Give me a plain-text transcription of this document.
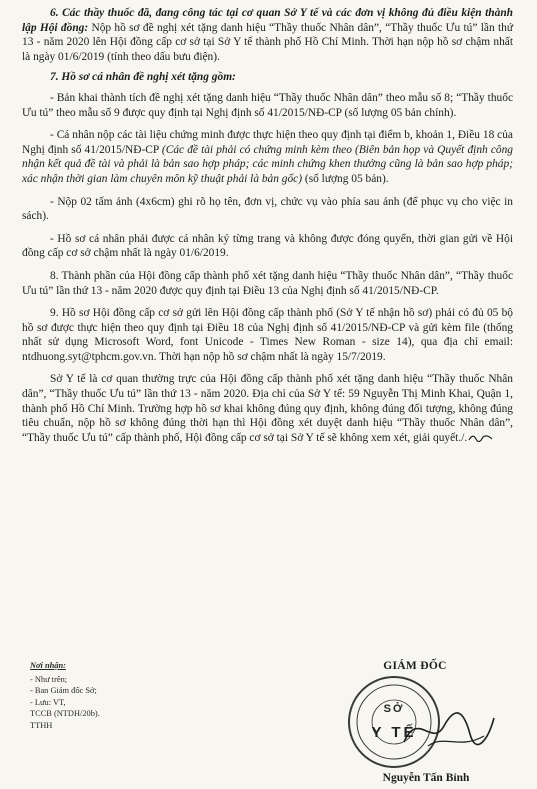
6. Các thầy thuốc đã, đang công tác tại cơ quan Sở Y tế và các đơn vị không đủ điều kiện thành lập Hội đồng: Nộp hồ sơ đề nghị xét tặng danh hiệu “Thầy thuốc Nhân dân”, “Thầy thuốc Ưu tú” lần thứ 13 - năm 2020 lên Hội đồng cấp cơ sở tại Sở Y tế thành phố Hồ Chí Minh. Thời hạn nộp hồ sơ chậm nhất là ngày 01/6/2019 (tính theo dấu bưu điện).

7. Hồ sơ cá nhân đề nghị xét tặng gồm:

- Bản khai thành tích đề nghị xét tặng danh hiệu “Thầy thuốc Nhân dân” theo mẫu số 8; “Thầy thuốc Ưu tú” theo mẫu số 9 được quy định tại Nghị định số 41/2015/NĐ-CP (số lượng 05 bản chính).

- Cá nhân nộp các tài liệu chứng minh được thực hiện theo quy định tại điểm b, khoản 1, Điều 18 của Nghị định số 41/2015/NĐ-CP (Các đề tài phải có chứng minh kèm theo (Biên bản họp và Quyết định công nhận kết quả đề tài và phải là bản sao hợp pháp; các minh chứng khen thưởng cũng là bản sao hợp pháp; xác nhận thời gian làm chuyên môn kỹ thuật phải là bản gốc) (số lượng 05 bản).

- Nộp 02 tấm ảnh (4x6cm) ghi rõ họ tên, đơn vị, chức vụ vào phía sau ảnh (để phục vụ cho việc in sách).

- Hồ sơ cá nhân phải được cá nhân ký từng trang và không được đóng quyển, thời gian gửi về Hội đồng cấp cơ sở chậm nhất là ngày 01/6/2019.

8. Thành phần của Hội đồng cấp thành phố xét tặng danh hiệu “Thầy thuốc Nhân dân”, “Thầy thuốc Ưu tú” lần thứ 13 - năm 2020 được quy định tại Điều 13 của Nghị định số 41/2015/NĐ-CP.

9. Hồ sơ Hội đồng cấp cơ sở gửi lên Hội đồng cấp thành phố (Sở Y tế nhận hồ sơ) phải có đủ 05 bộ hồ sơ được thực hiện theo quy định tại Điều 18 của Nghị định số 41/2015/NĐ-CP và gửi kèm file (thống nhất sử dụng Microsoft Word, font Unicode - Times New Roman - size 14), qua địa chỉ email: ntdhuong.syt@tphcm.gov.vn. Thời hạn nộp hồ sơ chậm nhất là ngày 15/7/2019.

Sở Y tế là cơ quan thường trực của Hội đồng cấp thành phố xét tặng danh hiệu “Thầy thuốc Nhân dân”, “Thầy thuốc Ưu tú” lần thứ 13 - năm 2020. Địa chỉ của Sở Y tế: 59 Nguyễn Thị Minh Khai, Quận 1, thành phố Hồ Chí Minh. Trường hợp hồ sơ khai không đúng quy định, không đúng đối tượng, không đúng tiêu chuẩn, nộp hồ sơ không đúng thời hạn thì Hội đồng xét duyệt danh hiệu “Thầy thuốc Nhân dân”, “Thầy thuốc Ưu tú” cấp thành phố, Hội đồng cấp cơ sở tại Sở Y tế sẽ không xem xét, giải quyết./.

Nơi nhận:
- Như trên;
- Ban Giám đốc Sở;
- Lưu: VT,
TCCB (NTDH/20b).
TTHH
SỞ
Y TẾ
GIÁM ĐỐC
Nguyễn Tấn Bỉnh
